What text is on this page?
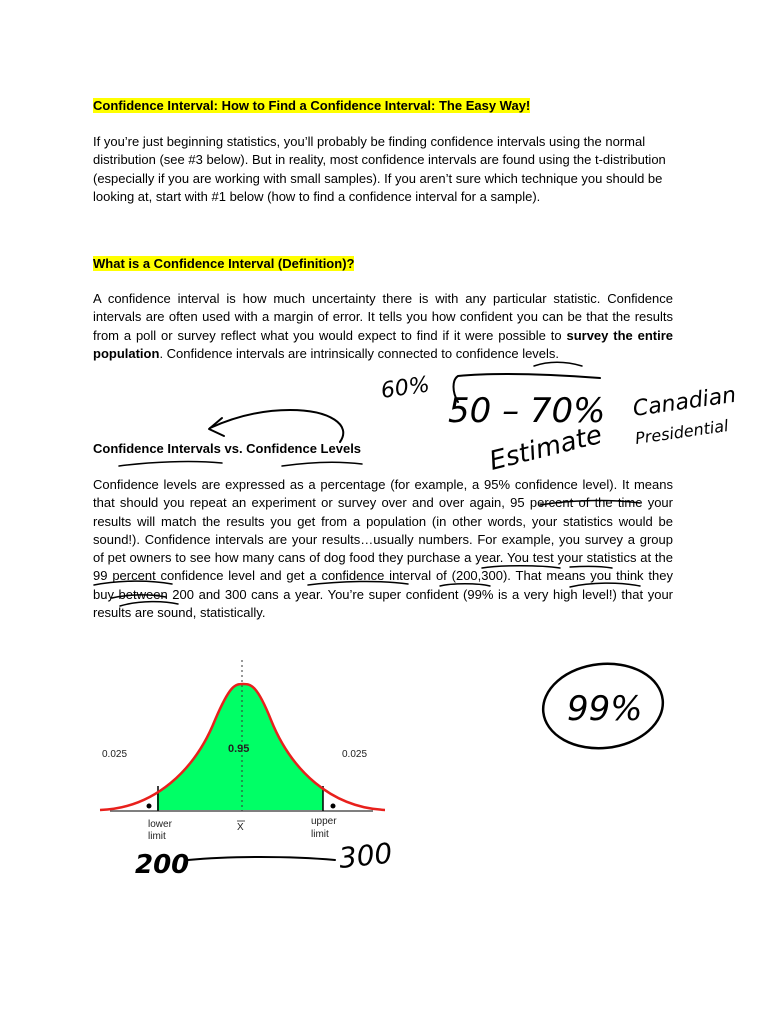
Confidence Interval: How to Find a Confidence Interval: The Easy Way!

If you’re just beginning statistics, you’ll probably be finding confidence intervals using the normal distribution (see #3 below). But in reality, most confidence intervals are found using the t-distribution (especially if you are working with small samples). If you aren’t sure which technique you should be looking at, start with #1 below (how to find a confidence interval for a sample).

What is a Confidence Interval (Definition)?

A confidence interval is how much uncertainty there is with any particular statistic. Confidence intervals are often used with a margin of error. It tells you how confident you can be that the results from a poll or survey reflect what you would expect to find if it were possible to survey the entire population. Confidence intervals are intrinsically connected to confidence levels.

Confidence Intervals vs. Confidence Levels

Confidence levels are expressed as a percentage (for example, a 95% confidence level). It means that should you repeat an experiment or survey over and over again, 95 percent of the time your results will match the results you get from a population (in other words, your statistics would be sound!). Confidence intervals are your results…usually numbers. For example, you survey a group of pet owners to see how many cans of dog food they purchase a year. You test your statistics at the 99 percent confidence level and get a confidence interval of (200,300). That means you think they buy between 200 and 300 cans a year. You’re super confident (99% is a very high level!) that your results are sound, statistically.

0.95
0.025	0.025
lower
limit
X
upper
limit
60%
50 – 70%
Estimate
Canadian
Presidential
99%
200	300
